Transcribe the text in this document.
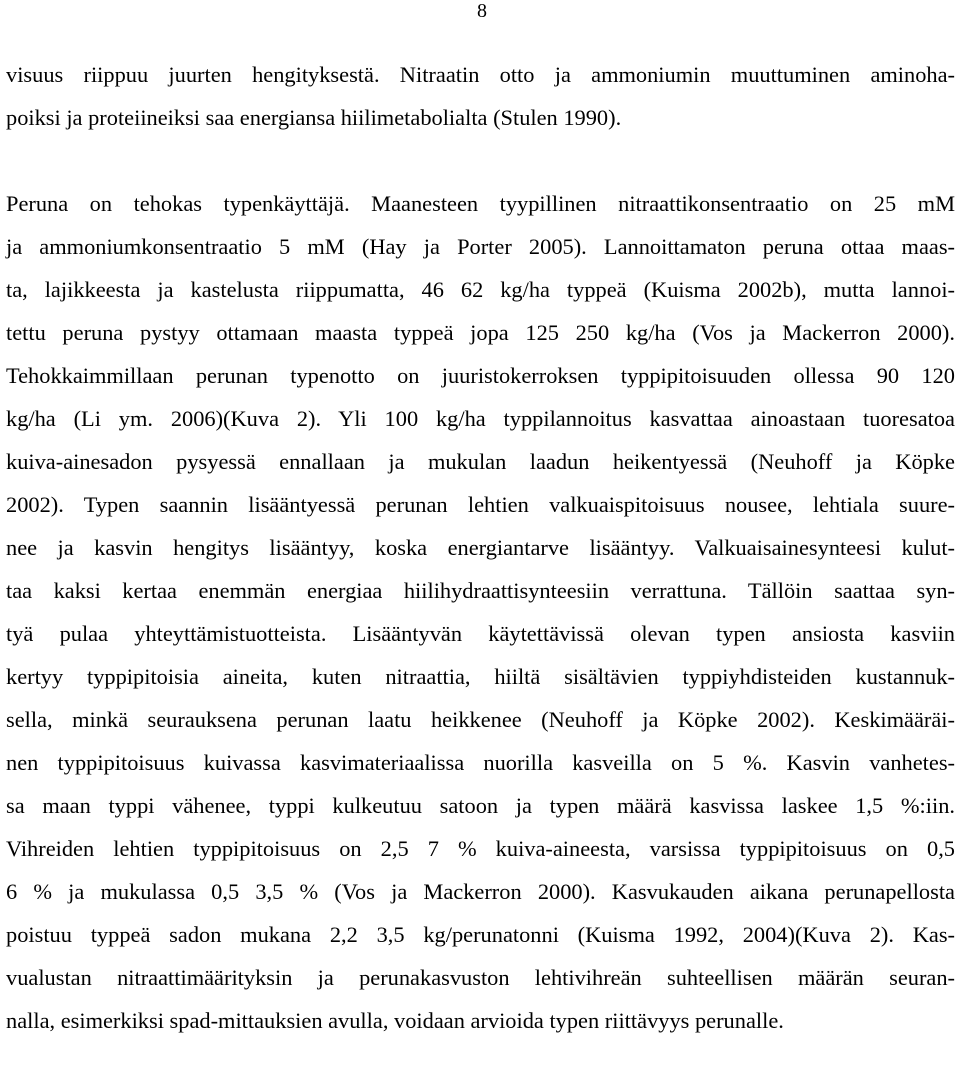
8
visuus riippuu juurten hengityksestä. Nitraatin otto ja ammoniumin muuttuminen aminoha-
poiksi ja proteiineiksi saa energiansa hiilimetabolialta (Stulen 1990).
Peruna on tehokas typenkäyttäjä. Maanesteen tyypillinen nitraattikonsentraatio on 25 mM
ja ammoniumkonsentraatio 5 mM (Hay ja Porter 2005). Lannoittamaton peruna ottaa maas-
ta, lajikkeesta ja kastelusta riippumatta, 46 62 kg/ha typpeä (Kuisma 2002b), mutta lannoi-
tettu peruna pystyy ottamaan maasta typpeä jopa 125 250 kg/ha (Vos ja Mackerron 2000).
Tehokkaimmillaan perunan typenotto on juuristokerroksen typpipitoisuuden ollessa 90 120
kg/ha (Li ym. 2006)(Kuva 2). Yli 100 kg/ha typpilannoitus kasvattaa ainoastaan tuoresatoa
kuiva-ainesadon pysyessä ennallaan ja mukulan laadun heikentyessä (Neuhoff ja Köpke
2002). Typen saannin lisääntyessä perunan lehtien valkuaispitoisuus nousee, lehtiala suure-
nee ja kasvin hengitys lisääntyy, koska energiantarve lisääntyy. Valkuaisainesynteesi kulut-
taa kaksi kertaa enemmän energiaa hiilihydraattisynteesiin verrattuna. Tällöin saattaa syn-
tyä pulaa yhteyttämistuotteista. Lisääntyvän käytettävissä olevan typen ansiosta kasviin
kertyy typpipitoisia aineita, kuten nitraattia, hiiltä sisältävien typpiyhdisteiden kustannuk-
sella, minkä seurauksena perunan laatu heikkenee (Neuhoff ja Köpke 2002). Keskimääräi-
nen typpipitoisuus kuivassa kasvimateriaalissa nuorilla kasveilla on 5 %. Kasvin vanhetes-
sa maan typpi vähenee, typpi kulkeutuu satoon ja typen määrä kasvissa laskee 1,5 %:iin.
Vihreiden lehtien typpipitoisuus on 2,5 7 % kuiva-aineesta, varsissa typpipitoisuus on 0,5
6 % ja mukulassa 0,5 3,5 % (Vos ja Mackerron 2000). Kasvukauden aikana perunapellosta
poistuu typpeä sadon mukana 2,2 3,5 kg/perunatonni (Kuisma 1992, 2004)(Kuva 2). Kas-
vualustan nitraattimäärityksin ja perunakasvuston lehtivihreän suhteellisen määrän seuran-
nalla, esimerkiksi spad-mittauksien avulla, voidaan arvioida typen riittävyys perunalle.
